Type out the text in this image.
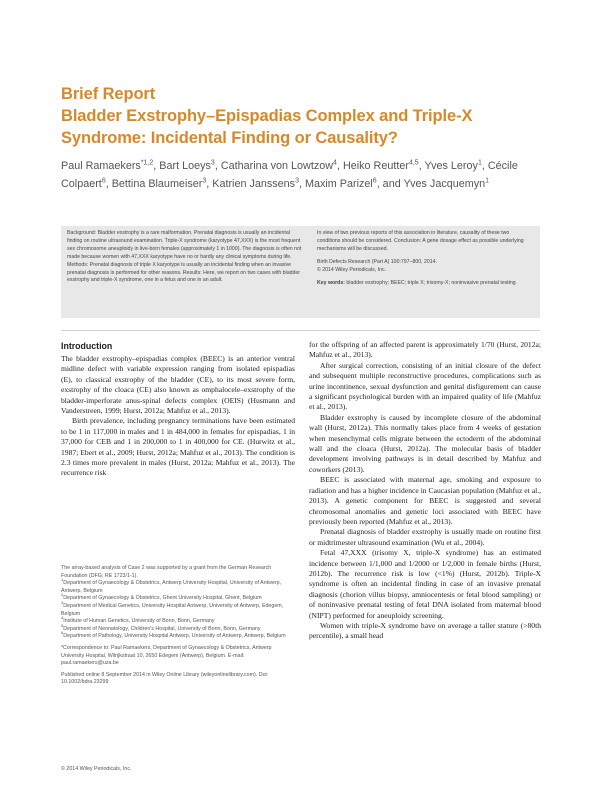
Brief Report
Bladder Exstrophy–Epispadias Complex and Triple-X Syndrome: Incidental Finding or Causality?
Paul Ramaekers$^{*1,2}$, Bart Loeys$^3$, Catharina von Lowtzow$^4$, Heiko Reutter$^{4,5}$, Yves Leroy$^1$, Cécile Colpaert$^6$, Bettina Blaumeiser$^3$, Katrien Janssens$^3$, Maxim Parizel$^6$, and Yves Jacquemyn$^1$

Background: Bladder exstrophy is a rare malformation. Prenatal diagnosis is usually an incidental finding on routine ultrasound examination. Triple-X syndrome (karyotype 47,XXX) is the most frequent sex chromosome aneuploidy in live-born females (approximately 1 in 1000). The diagnosis is often not made because women with 47,XXX karyotype have no or hardly any clinical symptoms during life. Methods: Prenatal diagnosis of triple X karyotype is usually an incidental finding when an invasive prenatal diagnosis is performed for other reasons. Results: Here, we report on two cases with bladder exstrophy and triple-X syndrome, one in a fetus and one in an adult.

In view of two previous reports of this association in literature, causality of these two conditions should be considered. Conclusion: A gene dosage effect as possible underlying mechanisms will be discussed.

Birth Defects Research (Part A) 100:797–800, 2014.

© 2014 Wiley Periodicals, Inc.

Key words: bladder exstrophy; BEEC; triple X; trisomy-X; noninvasive prenatal testing

Introduction

The bladder exstrophy–epispadias complex (BEEC) is an anterior ventral midline defect with variable expression ranging from isolated epispadias (E), to classical exstrophy of the bladder (CE), to its most severe form, exstrophy of the cloaca (CE) also known as omphalocele–exstrophy of the bladder-imperforate anus-spinal defects complex (OEIS) (Husmann and Vanderstreen, 1999; Hurst, 2012a; Mahfuz et al., 2013).

Birth prevalence, including pregnancy terminations have been estimated to be 1 in 117,000 in males and 1 in 484,000 in females for epispadias, 1 in 37,000 for CEB and 1 in 200,000 to 1 in 400,000 for CE. (Hurwitz et al., 1987; Ebert et al., 2009; Hurst, 2012a; Mahfuz et al., 2013). The condition is 2.3 times more prevalent in males (Hurst, 2012a; Mahfuz et al., 2013). The recurrence risk

The array-based analysis of Case 2 was supported by a grant from the German Research Foundation (DFG; RE 1723/1-1).

$^1$Department of Gynaecology & Obstetrics, Antwerp University Hospital, University of Antwerp, Antwerp, Belgium

$^2$Department of Gynaecology & Obstetrics, Ghent University Hospital, Ghent, Belgium

$^3$Department of Medical Genetics, University Hospital Antwerp, University of Antwerp, Edegem, Belgium

$^4$Institute of Human Genetics, University of Bonn, Bonn, Germany

$^5$Department of Neonatology, Children's Hospital, University of Bonn, Bonn, Germany

$^6$Department of Pathology, University Hospital Antwerp, University of Antwerp, Antwerp, Belgium

*Correspondence to: Paul Ramaekers, Department of Gynaecology & Obstetrics, Antwerp University Hospital, Wilrijkstraat 10, 2650 Edegem (Antwerp), Belgium. E-mail: paul.ramaekers@uza.be

Published online 8 September 2014 in Wiley Online Library (wileyonlinelibrary.com). Doi: 10.1002/bdra.23299

for the offspring of an affected parent is approximately 1/70 (Hurst, 2012a; Mahfuz et al., 2013).

After surgical correction, consisting of an initial closure of the defect and subsequent multiple reconstructive procedures, complications such as urine incontinence, sexual dysfunction and genital disfigurement can cause a significant psychological burden with an impaired quality of life (Mahfuz et al., 2013).

Bladder exstrophy is caused by incomplete closure of the abdominal wall (Hurst, 2012a). This normally takes place from 4 weeks of gestation when mesenchymal cells migrate between the ectoderm of the abdominal wall and the cloaca (Hurst, 2012a). The molecular basis of bladder development involving pathways is in detail described by Mahfuz and coworkers (2013).

BEEC is associated with maternal age, smoking and exposure to radiation and has a higher incidence in Caucasian population (Mahfuz et al., 2013). A genetic component for BEEC is suggested and several chromosomal anomalies and genetic loci associated with BEEC have previously been reported (Mahfuz et al., 2013).

Prenatal diagnosis of bladder exstrophy is usually made on routine first or midtrimester ultrasound examination (Wu et al., 2004).

Fetal 47,XXX (trisomy X, triple-X syndrome) has an estimated incidence between 1/1,000 and 1/2000 or 1/2,000 in female births (Hurst, 2012b). The recurrence risk is low (<1%) (Hurst, 2012b). Triple-X syndrome is often an incidental finding in case of an invasive prenatal diagnosis (chorion villus biopsy, amniocentesis or fetal blood sampling) or of noninvasive prenatal testing of fetal DNA isolated from maternal blood (NIPT) performed for aneuploidy screening.

Women with triple-X syndrome have on average a taller stature (>80th percentile), a small head

© 2014 Wiley Periodicals, Inc.
